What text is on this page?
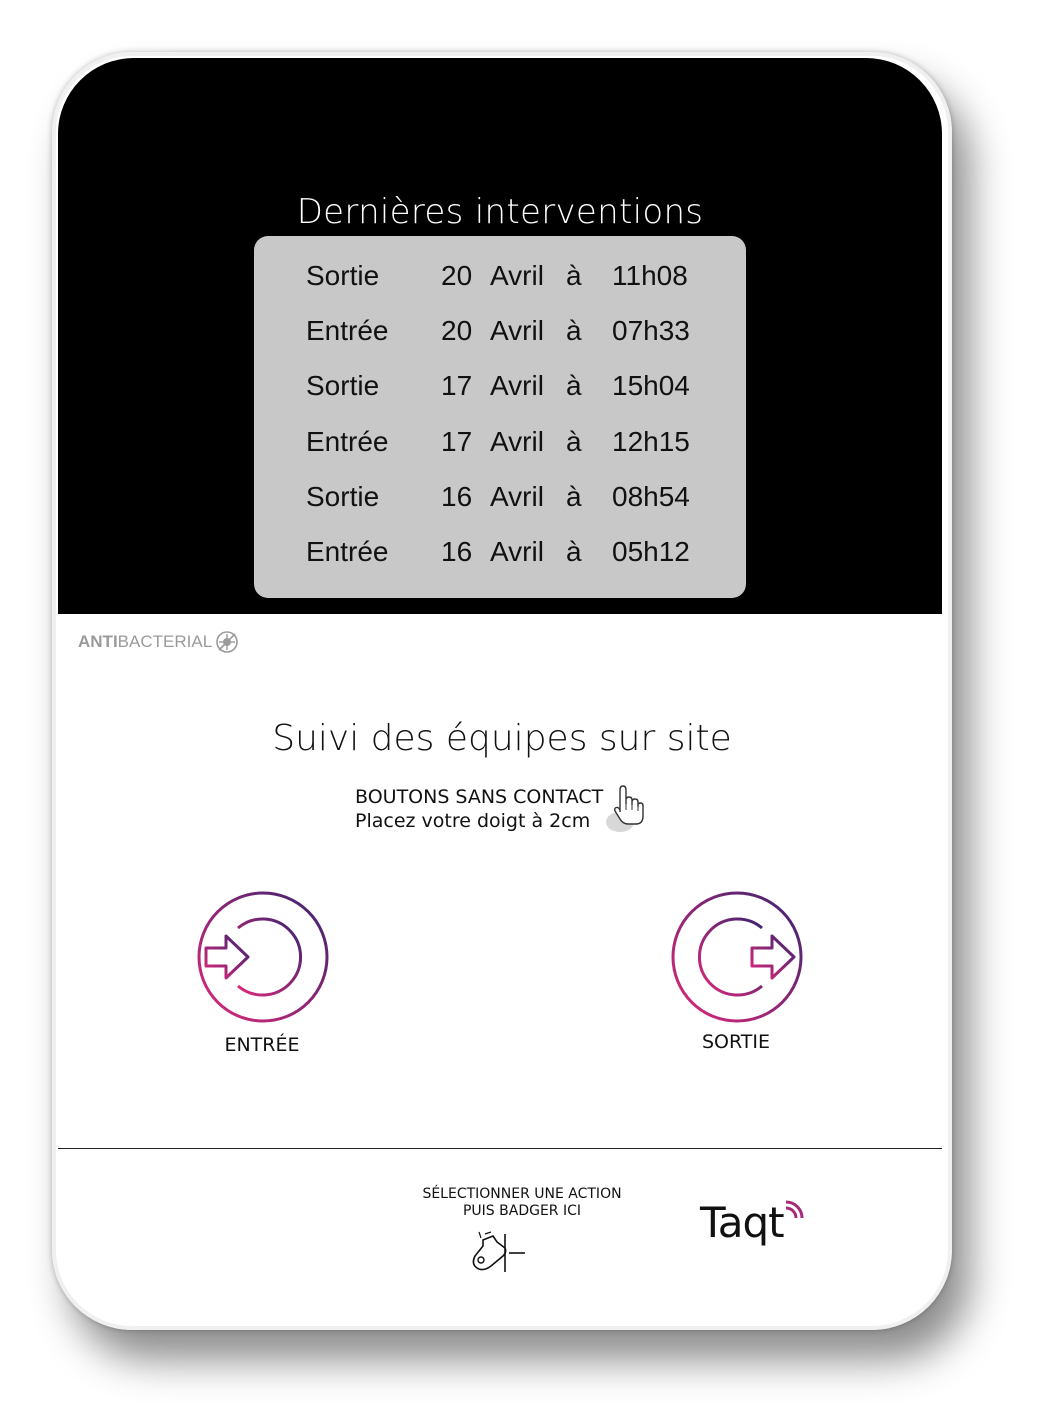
Dernières interventions
Sortie 20 Avril à 11h08
Entrée 20 Avril à 07h33
Sortie 17 Avril à 15h04
Entrée 17 Avril à 12h15
Sortie 16 Avril à 08h54
Entrée 16 Avril à 05h12
ANTI BACTERIAL
Suivi des équipes sur site
BOUTONS SANS CONTACT
Placez votre doigt à 2cm
ENTRÉE	SORTIE
SÉLECTIONNER UNE ACTION
PUIS BADGER ICI	Taqt
